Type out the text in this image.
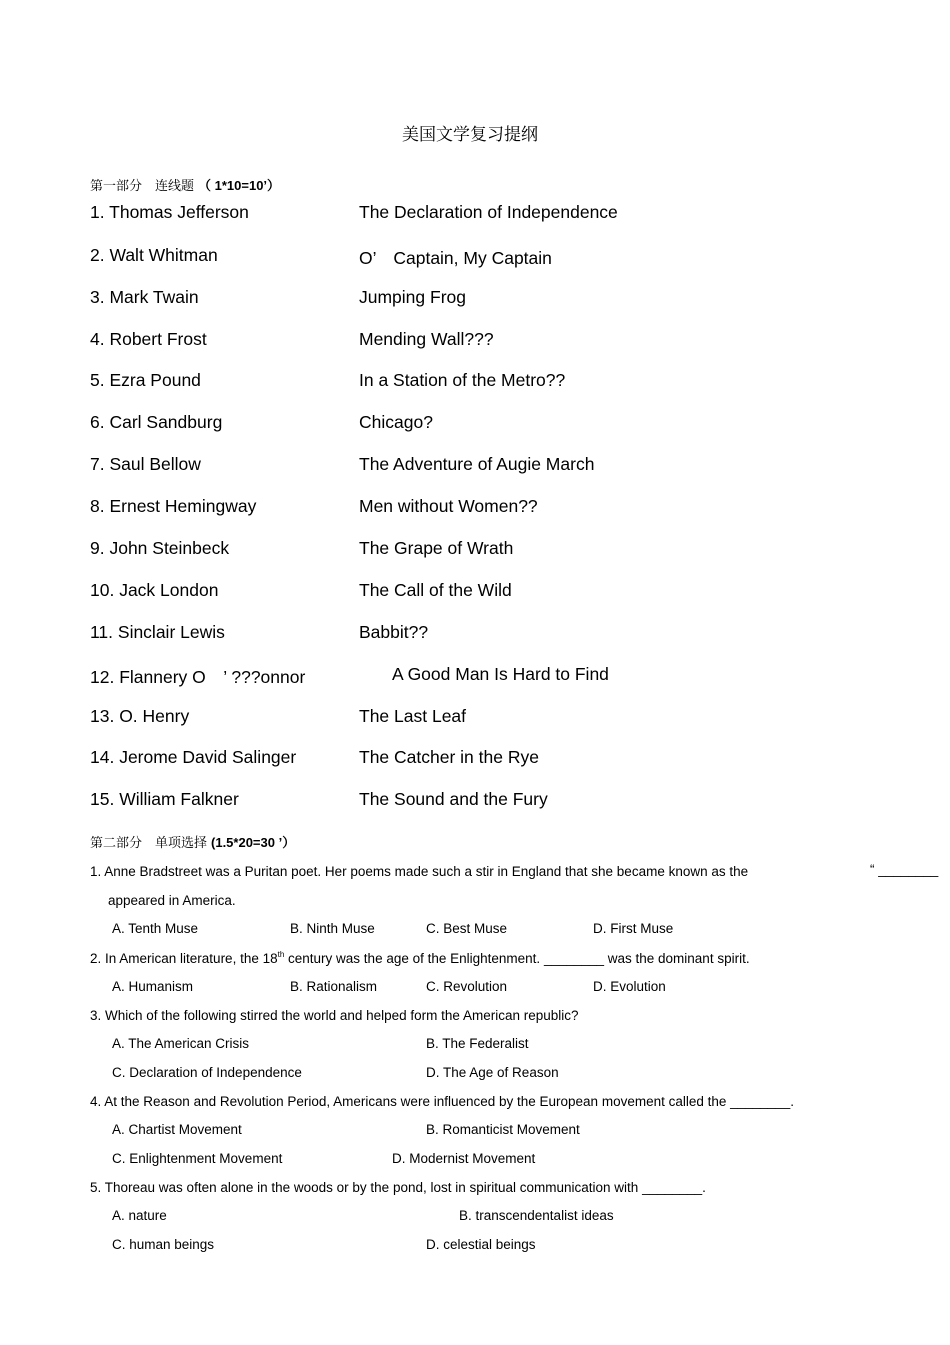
美国文学复习提纲
第一部分　连线题 （ 1*10=10’）
1. Thomas Jefferson	The Declaration of Independence
2. Walt Whitman	O’　Captain, My Captain
3. Mark Twain	Jumping Frog
4. Robert Frost	Mending Wall???
5. Ezra Pound	In a Station of the Metro??
6. Carl Sandburg	Chicago?
7. Saul Bellow	The Adventure of Augie March
8. Ernest Hemingway	Men without Women??
9. John Steinbeck	The Grape of Wrath
10. Jack London	The Call of the Wild
11. Sinclair Lewis	Babbit??
12. Flannery O　’ ???onnor	A Good Man Is Hard to Find
13. O. Henry	The Last Leaf
14. Jerome David Salinger	The Catcher in the Rye
15. William Falkner	The Sound and the Fury
第二部分　单项选择 (1.5*20=30 ’）
1. Anne Bradstreet was a Puritan poet. Her poems made such a stir in England that she became known as the	“ ________
appeared in America.
A. Tenth Muse	B. Ninth Muse	C. Best Muse	D. First Muse
2. In American literature, the 18th century was the age of the Enlightenment. ________ was the dominant spirit.
A. Humanism	B. Rationalism	C. Revolution	D. Evolution
3. Which of the following stirred the world and helped form the American republic?
A. The American Crisis	B. The Federalist
C. Declaration of Independence	D. The Age of Reason
4. At the Reason and Revolution Period, Americans were influenced by the European movement called the ________.
A. Chartist Movement	B. Romanticist Movement
C. Enlightenment Movement	D. Modernist Movement
5. Thoreau was often alone in the woods or by the pond, lost in spiritual communication with ________.
A. nature	B. transcendentalist ideas
C. human beings	D. celestial beings
